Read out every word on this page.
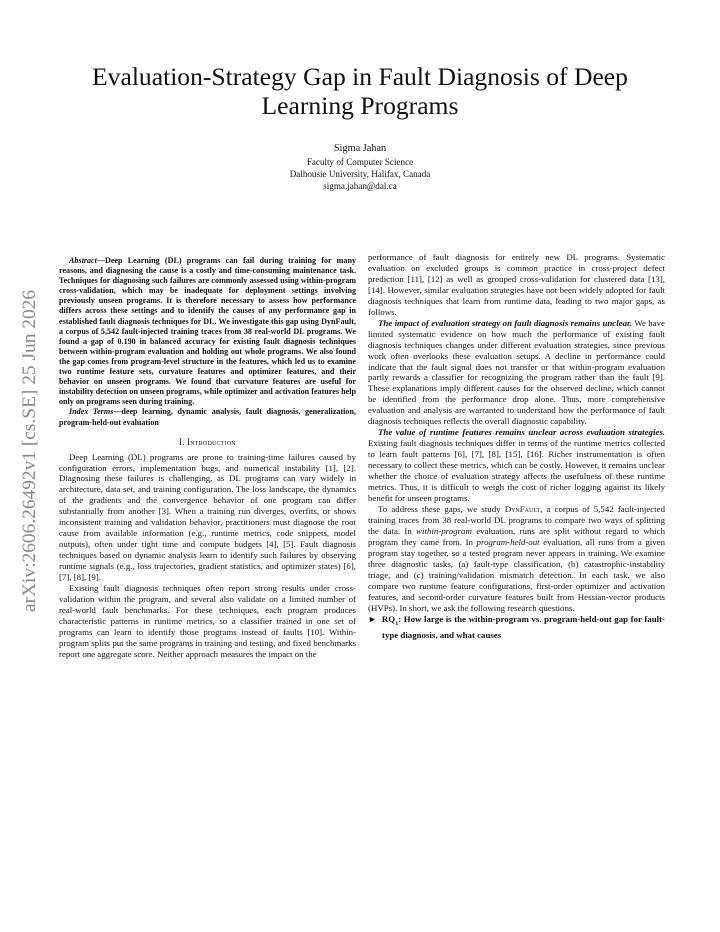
arXiv:2606.26492v1 [cs.SE] 25 Jun 2026
Evaluation-Strategy Gap in Fault Diagnosis of Deep Learning Programs
Sigma Jahan
Faculty of Computer Science
Dalhousie University, Halifax, Canada
sigma.jahan@dal.ca

Abstract—Deep Learning (DL) programs can fail during training for many reasons, and diagnosing the cause is a costly and time-consuming maintenance task. Techniques for diagnosing such failures are commonly assessed using within-program cross-validation, which may be inadequate for deployment settings involving previously unseen programs. It is therefore necessary to assess how performance differs across these settings and to identify the causes of any performance gap in established fault diagnosis techniques for DL. We investigate this gap using DynFault, a corpus of 5,542 fault-injected training traces from 38 real-world DL programs. We found a gap of 0.190 in balanced accuracy for existing fault diagnosis techniques between within-program evaluation and holding out whole programs. We also found the gap comes from program-level structure in the features, which led us to examine two runtime feature sets, curvature features and optimizer features, and their behavior on unseen programs. We found that curvature features are useful for instability detection on unseen programs, while optimizer and activation features help only on programs seen during training.

Index Terms—deep learning, dynamic analysis, fault diagnosis, generalization, program-held-out evaluation

I. Introduction

Deep Learning (DL) programs are prone to training-time failures caused by configuration errors, implementation bugs, and numerical instability [1], [2]. Diagnosing these failures is challenging, as DL programs can vary widely in architecture, data set, and training configuration. The loss landscape, the dynamics of the gradients and the convergence behavior of one program can differ substantially from another [3]. When a training run diverges, overfits, or shows inconsistent training and validation behavior, practitioners must diagnose the root cause from available information (e.g., runtime metrics, code snippets, model outputs), often under tight time and compute budgets [4], [5]. Fault diagnosis techniques based on dynamic analysis learn to identify such failures by observing runtime signals (e.g., loss trajectories, gradient statistics, and optimizer states) [6], [7], [8], [9].

Existing fault diagnosis techniques often report strong results under cross-validation within the program, and several also validate on a limited number of real-world fault benchmarks. For these techniques, each program produces characteristic patterns in runtime metrics, so a classifier trained in one set of programs can learn to identify those programs instead of faults [10]. Within-program splits put the same programs in training and testing, and fixed benchmarks report one aggregate score. Neither approach measures the impact on the

performance of fault diagnosis for entirely new DL programs. Systematic evaluation on excluded groups is common practice in cross-project defect prediction [11], [12] as well as grouped cross-validation for clustered data [13], [14]. However, similar evaluation strategies have not been widely adopted for fault diagnosis techniques that learn from runtime data, leading to two major gaps, as follows.

The impact of evaluation strategy on fault diagnosis remains unclear. We have limited systematic evidence on how much the performance of existing fault diagnosis techniques changes under different evaluation strategies, since previous work often overlooks these evaluation setups. A decline in performance could indicate that the fault signal does not transfer or that within-program evaluation partly rewards a classifier for recognizing the program rather than the fault [9]. These explanations imply different causes for the observed decline, which cannot be identified from the performance drop alone. Thus, more comprehensive evaluation and analysis are warranted to understand how the performance of fault diagnosis techniques reflects the overall diagnostic capability.

The value of runtime features remains unclear across evaluation strategies. Existing fault diagnosis techniques differ in terms of the runtime metrics collected to learn fault patterns [6], [7], [8], [15], [16]. Richer instrumentation is often necessary to collect these metrics, which can be costly. However, it remains unclear whether the choice of evaluation strategy affects the usefulness of these runtime metrics. Thus, it is difficult to weigh the cost of richer logging against its likely benefit for unseen programs.

To address these gaps, we study DynFault, a corpus of 5,542 fault-injected training traces from 38 real-world DL programs to compare two ways of splitting the data. In within-program evaluation, runs are split without regard to which program they came from. In program-held-out evaluation, all runs from a given program stay together, so a tested program never appears in training. We examine three diagnostic tasks, (a) fault-type classification, (b) catastrophic-instability triage, and (c) training/validation mismatch detection. In each task, we also compare two runtime feature configurations, first-order optimizer and activation features, and second-order curvature features built from Hessian-vector products (HVPs). In short, we ask the following research questions.

►  $RQ_1$: How large is the within-program vs. program-held-out gap for fault-type diagnosis, and what causes
